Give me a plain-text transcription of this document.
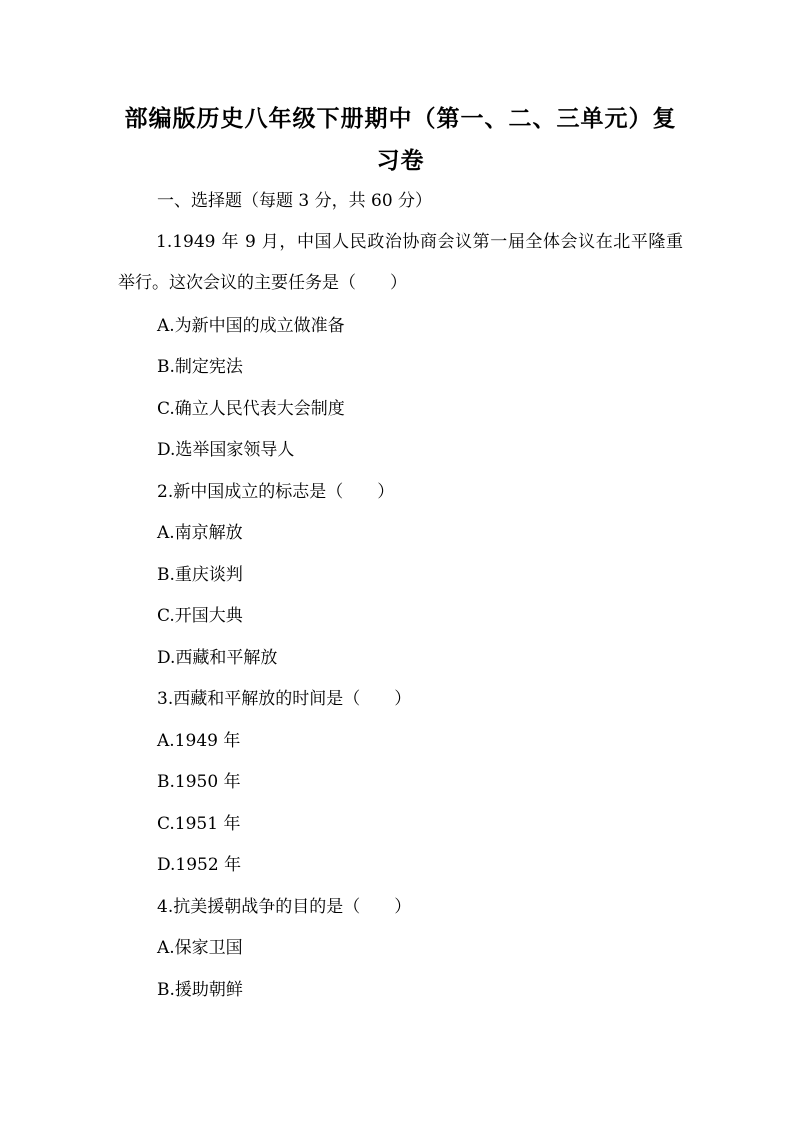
部编版历史八年级下册期中（第一、二、三单元）复习卷
一、选择题（每题 3 分，共 60 分）
1.1949 年 9 月，中国人民政治协商会议第一届全体会议在北平隆重举行。这次会议的主要任务是（　　）
A.为新中国的成立做准备
B.制定宪法
C.确立人民代表大会制度
D.选举国家领导人
2.新中国成立的标志是（　　）
A.南京解放
B.重庆谈判
C.开国大典
D.西藏和平解放
3.西藏和平解放的时间是（　　）
A.1949 年
B.1950 年
C.1951 年
D.1952 年
4.抗美援朝战争的目的是（　　）
A.保家卫国
B.援助朝鲜
